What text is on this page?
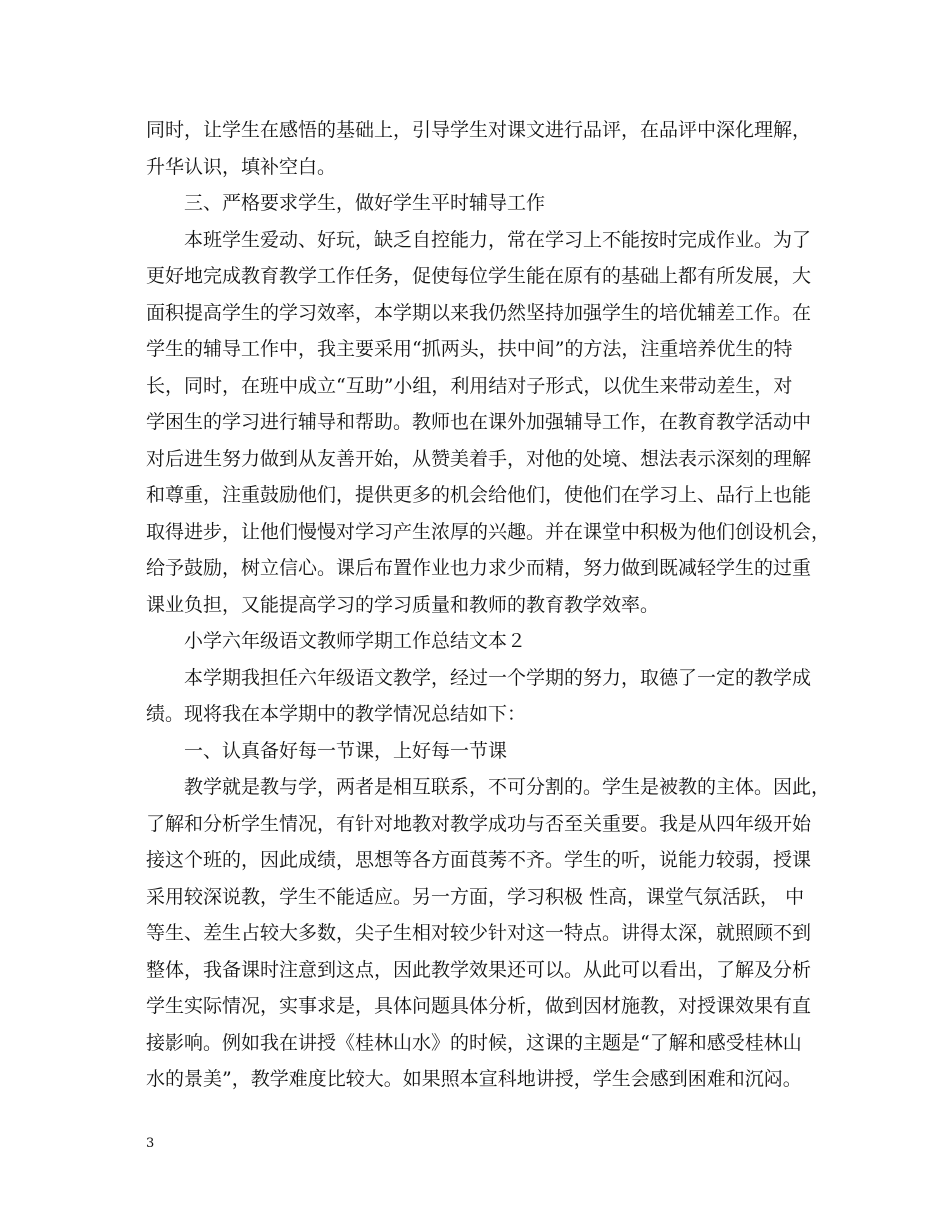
同时，让学生在感悟的基础上，引导学生对课文进行品评，在品评中深化理解，

升华认识，填补空白。

三、严格要求学生，做好学生平时辅导工作

本班学生爱动、好玩，缺乏自控能力，常在学习上不能按时完成作业。为了

更好地完成教育教学工作任务，促使每位学生能在原有的基础上都有所发展，大

面积提高学生的学习效率，本学期以来我仍然坚持加强学生的培优辅差工作。在

学生的辅导工作中，我主要采用“抓两头，扶中间”的方法，注重培养优生的特

长，同时，在班中成立“互助”小组，利用结对子形式，以优生来带动差生，对

学困生的学习进行辅导和帮助。教师也在课外加强辅导工作，在教育教学活动中

对后进生努力做到从友善开始，从赞美着手，对他的处境、想法表示深刻的理解

和尊重，注重鼓励他们，提供更多的机会给他们，使他们在学习上、品行上也能

取得进步，让他们慢慢对学习产生浓厚的兴趣。并在课堂中积极为他们创设机会，

给予鼓励，树立信心。课后布置作业也力求少而精，努力做到既减轻学生的过重

课业负担，又能提高学习的学习质量和教师的教育教学效率。

小学六年级语文教师学期工作总结文本２

本学期我担任六年级语文教学，经过一个学期的努力，取德了一定的教学成

绩。现将我在本学期中的教学情况总结如下：

一、认真备好每一节课，上好每一节课

教学就是教与学，两者是相互联系，不可分割的。学生是被教的主体。因此，

了解和分析学生情况，有针对地教对教学成功与否至关重要。我是从四年级开始

接这个班的，因此成绩，思想等各方面莨莠不齐。学生的听，说能力较弱，授课

采用较深说教，学生不能适应。另一方面，学习积极 性高，课堂气氛活跃， 中

等生、差生占较大多数，尖子生相对较少针对这一特点。讲得太深，就照顾不到

整体，我备课时注意到这点，因此教学效果还可以。从此可以看出，了解及分析

学生实际情况，实事求是，具体问题具体分析，做到因材施教，对授课效果有直

接影响。例如我在讲授《桂林山水》的时候，这课的主题是“了解和感受桂林山

水的景美”，教学难度比较大。如果照本宣科地讲授，学生会感到困难和沉闷。

3
